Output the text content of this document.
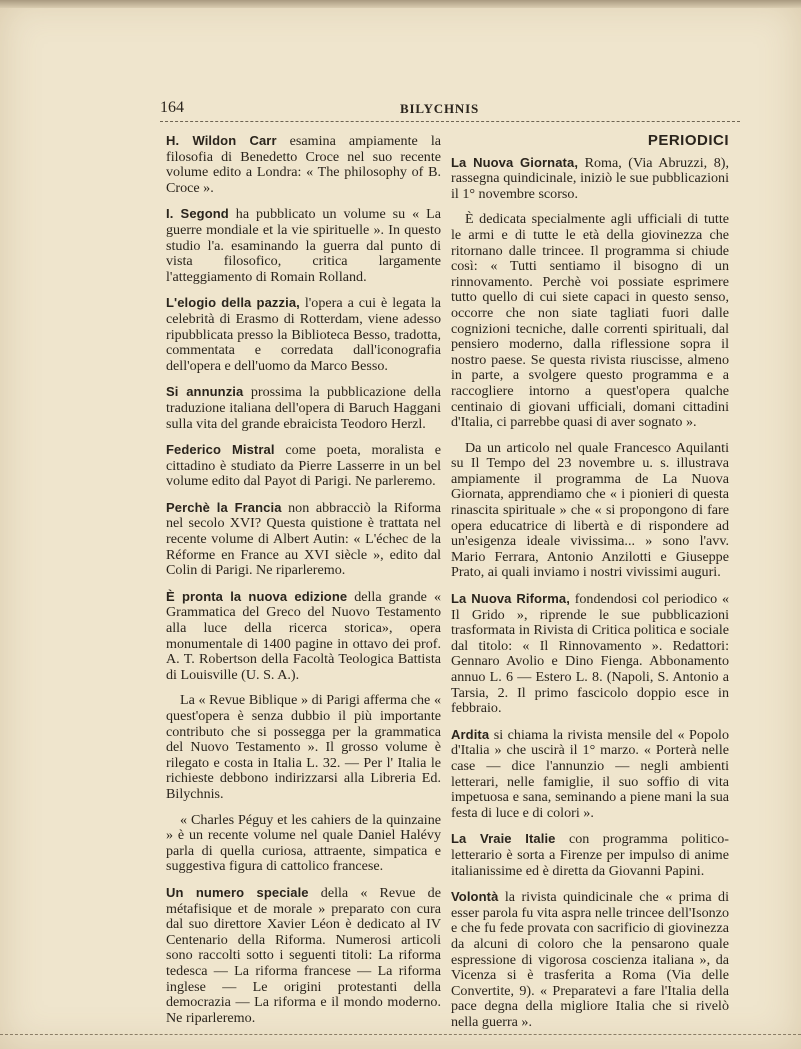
164	BILYCHNIS

H. Wildon Carr esamina ampiamente la filosofia di Benedetto Croce nel suo recente volume edito a Londra: « The philosophy of B. Croce ».

I. Segond ha pubblicato un volume su « La guerre mondiale et la vie spirituelle ». In questo studio l'a. esaminando la guerra dal punto di vista filosofico, critica largamente l'atteggiamento di Romain Rolland.

L'elogio della pazzia, l'opera a cui è legata la celebrità di Erasmo di Rotterdam, viene adesso ripubblicata presso la Biblioteca Besso, tradotta, commentata e corredata dall'iconografia dell'opera e dell'uomo da Marco Besso.

Si annunzia prossima la pubblicazione della traduzione italiana dell'opera di Baruch Haggani sulla vita del grande ebraicista Teodoro Herzl.

Federico Mistral come poeta, moralista e cittadino è studiato da Pierre Lasserre in un bel volume edito dal Payot di Parigi. Ne parleremo.

Perchè la Francia non abbracciò la Riforma nel secolo XVI? Questa quistione è trattata nel recente volume di Albert Autin: « L'échec de la Réforme en France au XVI siècle », edito dal Colin di Parigi. Ne riparleremo.

È pronta la nuova edizione della grande « Grammatica del Greco del Nuovo Testamento alla luce della ricerca storica», opera monumentale di 1400 pagine in ottavo dei prof. A. T. Robertson della Facoltà Teologica Battista di Louisville (U. S. A.).

La « Revue Biblique » di Parigi afferma che « quest'opera è senza dubbio il più importante contributo che si possegga per la grammatica del Nuovo Testamento ». Il grosso volume è rilegato e costa in Italia L. 32. — Per l' Italia le richieste debbono indirizzarsi alla Libreria Ed. Bilychnis.

« Charles Péguy et les cahiers de la quinzaine » è un recente volume nel quale Daniel Halévy parla di quella curiosa, attraente, simpatica e suggestiva figura di cattolico francese.

Un numero speciale della « Revue de métafisique et de morale » preparato con cura dal suo direttore Xavier Léon è dedicato al IV Centenario della Riforma. Numerosi articoli sono raccolti sotto i seguenti titoli: La riforma tedesca — La riforma francese — La riforma inglese — Le origini protestanti della democrazia — La riforma e il mondo moderno. Ne riparleremo.

PERIODICI

La Nuova Giornata, Roma, (Via Abruzzi, 8), rassegna quindicinale, iniziò le sue pubblicazioni il 1° novembre scorso.

È dedicata specialmente agli ufficiali di tutte le armi e di tutte le età della giovinezza che ritornano dalle trincee. Il programma si chiude così: « Tutti sentiamo il bisogno di un rinnovamento. Perchè voi possiate esprimere tutto quello di cui siete capaci in questo senso, occorre che non siate tagliati fuori dalle cognizioni tecniche, dalle correnti spirituali, dal pensiero moderno, dalla riflessione sopra il nostro paese. Se questa rivista riuscisse, almeno in parte, a svolgere questo programma e a raccogliere intorno a quest'opera qualche centinaio di giovani ufficiali, domani cittadini d'Italia, ci parrebbe quasi di aver sognato ».

Da un articolo nel quale Francesco Aquilanti su Il Tempo del 23 novembre u. s. illustrava ampiamente il programma de La Nuova Giornata, apprendiamo che « i pionieri di questa rinascita spirituale » che « si propongono di fare opera educatrice di libertà e di rispondere ad un'esigenza ideale vivissima... » sono l'avv. Mario Ferrara, Antonio Anzilotti e Giuseppe Prato, ai quali inviamo i nostri vivissimi auguri.

La Nuova Riforma, fondendosi col periodico « Il Grido », riprende le sue pubblicazioni trasformata in Rivista di Critica politica e sociale dal titolo: « Il Rinnovamento ». Redattori: Gennaro Avolio e Dino Fienga. Abbonamento annuo L. 6 — Estero L. 8. (Napoli, S. Antonio a Tarsia, 2. Il primo fascicolo doppio esce in febbraio.

Ardita si chiama la rivista mensile del « Popolo d'Italia » che uscirà il 1° marzo. « Porterà nelle case — dice l'annunzio — negli ambienti letterari, nelle famiglie, il suo soffio di vita impetuosa e sana, seminando a piene mani la sua festa di luce e di colori ».

La Vraie Italie con programma politico-letterario è sorta a Firenze per impulso di anime italianissime ed è diretta da Giovanni Papini.

Volontà la rivista quindicinale che « prima di esser parola fu vita aspra nelle trincee dell'Isonzo e che fu fede provata con sacrificio di giovinezza da alcuni di coloro che la pensarono quale espressione di vigorosa coscienza italiana », da Vicenza si è trasferita a Roma (Via delle Convertite, 9). « Preparatevi a fare l'Italia della pace degna della migliore Italia che si rivelò nella guerra ».
